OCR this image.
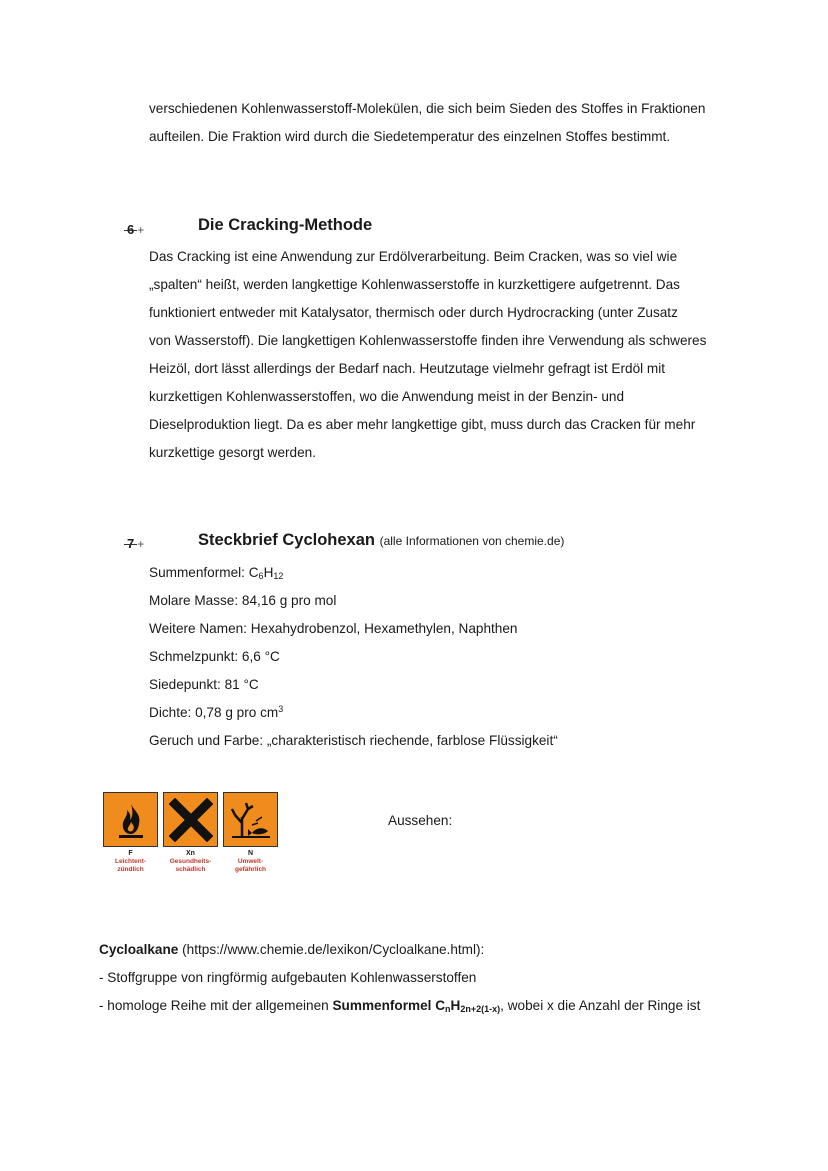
verschiedenen Kohlenwasserstoff-Molekülen, die sich beim Sieden des Stoffes in Fraktionen
aufteilen. Die Fraktion wird durch die Siedetemperatur des einzelnen Stoffes bestimmt.
6 +	Die Cracking-Methode
Das Cracking ist eine Anwendung zur Erdölverarbeitung. Beim Cracken, was so viel wie
„spalten“ heißt, werden langkettige Kohlenwasserstoffe in kurzkettigere aufgetrennt. Das
funktioniert entweder mit Katalysator, thermisch oder durch Hydrocracking (unter Zusatz
von Wasserstoff). Die langkettigen Kohlenwasserstoffe finden ihre Verwendung als schweres
Heizöl, dort lässt allerdings der Bedarf nach. Heutzutage vielmehr gefragt ist Erdöl mit
kurzkettigen Kohlenwasserstoffen, wo die Anwendung meist in der Benzin- und
Dieselproduktion liegt. Da es aber mehr langkettige gibt, muss durch das Cracken für mehr
kurzkettige gesorgt werden.
7 +	Steckbrief Cyclohexan (alle Informationen von chemie.de)
Summenformel: $C_6H_{12}$
Molare Masse: 84,16 g pro mol
Weitere Namen: Hexahydrobenzol, Hexamethylen, Naphthen
Schmelzpunkt: 6,6 °C
Siedepunkt: 81 °C
Dichte: 0,78 g pro $cm^3$
Geruch und Farbe: „charakteristisch riechende, farblose Flüssigkeit“
F
Leichtent-
zündlich
Xn
Gesundheits-
schädlich
N
Umwelt-
gefährlich
Aussehen:
Cycloalkane (https://www.chemie.de/lexikon/Cycloalkane.html):
- Stoffgruppe von ringförmig aufgebauten Kohlenwasserstoffen
- homologe Reihe mit der allgemeinen Summenformel $C_nH_{2n+2(1-x)}$, wobei x die Anzahl der Ringe ist
